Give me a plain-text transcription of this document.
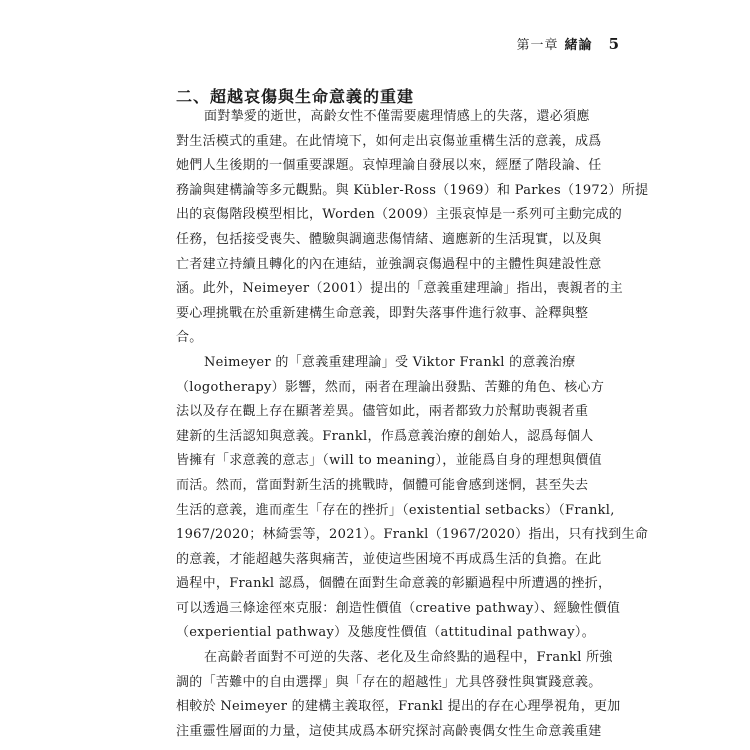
第一章 緒論 5
二、超越哀傷與生命意義的重建

面對摯愛的逝世，高齡女性不僅需要處理情感上的失落，還必須應
對生活模式的重建。在此情境下，如何走出哀傷並重構生活的意義，成爲
她們人生後期的一個重要課題。哀悼理論自發展以來，經歷了階段論、任
務論與建構論等多元觀點。與 Kübler-Ross（1969）和 Parkes（1972）所提
出的哀傷階段模型相比，Worden（2009）主張哀悼是一系列可主動完成的
任務，包括接受喪失、體驗與調適悲傷情緒、適應新的生活現實，以及與
亡者建立持續且轉化的內在連結，並強調哀傷過程中的主體性與建設性意
涵。此外，Neimeyer（2001）提出的「意義重建理論」指出，喪親者的主
要心理挑戰在於重新建構生命意義，即對失落事件進行敘事、詮釋與整
合。

Neimeyer 的「意義重建理論」受 Viktor Frankl 的意義治療
（logotherapy）影響，然而，兩者在理論出發點、苦難的角色、核心方
法以及存在觀上存在顯著差異。儘管如此，兩者都致力於幫助喪親者重
建新的生活認知與意義。Frankl，作爲意義治療的創始人，認爲每個人
皆擁有「求意義的意志」（will to meaning），並能爲自身的理想與價值
而活。然而，當面對新生活的挑戰時，個體可能會感到迷惘，甚至失去
生活的意義，進而產生「存在的挫折」（existential setbacks）（Frankl,
1967/2020；林綺雲等，2021）。Frankl（1967/2020）指出，只有找到生命
的意義，才能超越失落與痛苦，並使這些困境不再成爲生活的負擔。在此
過程中，Frankl 認爲，個體在面對生命意義的彰顯過程中所遭遇的挫折，
可以透過三條途徑來克服：創造性價值（creative pathway）、經驗性價值
（experiential pathway）及態度性價值（attitudinal pathway）。

在高齡者面對不可逆的失落、老化及生命終點的過程中，Frankl 所強
調的「苦難中的自由選擇」與「存在的超越性」尤具啓發性與實踐意義。
相較於 Neimeyer 的建構主義取徑，Frankl 提出的存在心理學視角，更加
注重靈性層面的力量，這使其成爲本研究探討高齡喪偶女性生命意義重建
